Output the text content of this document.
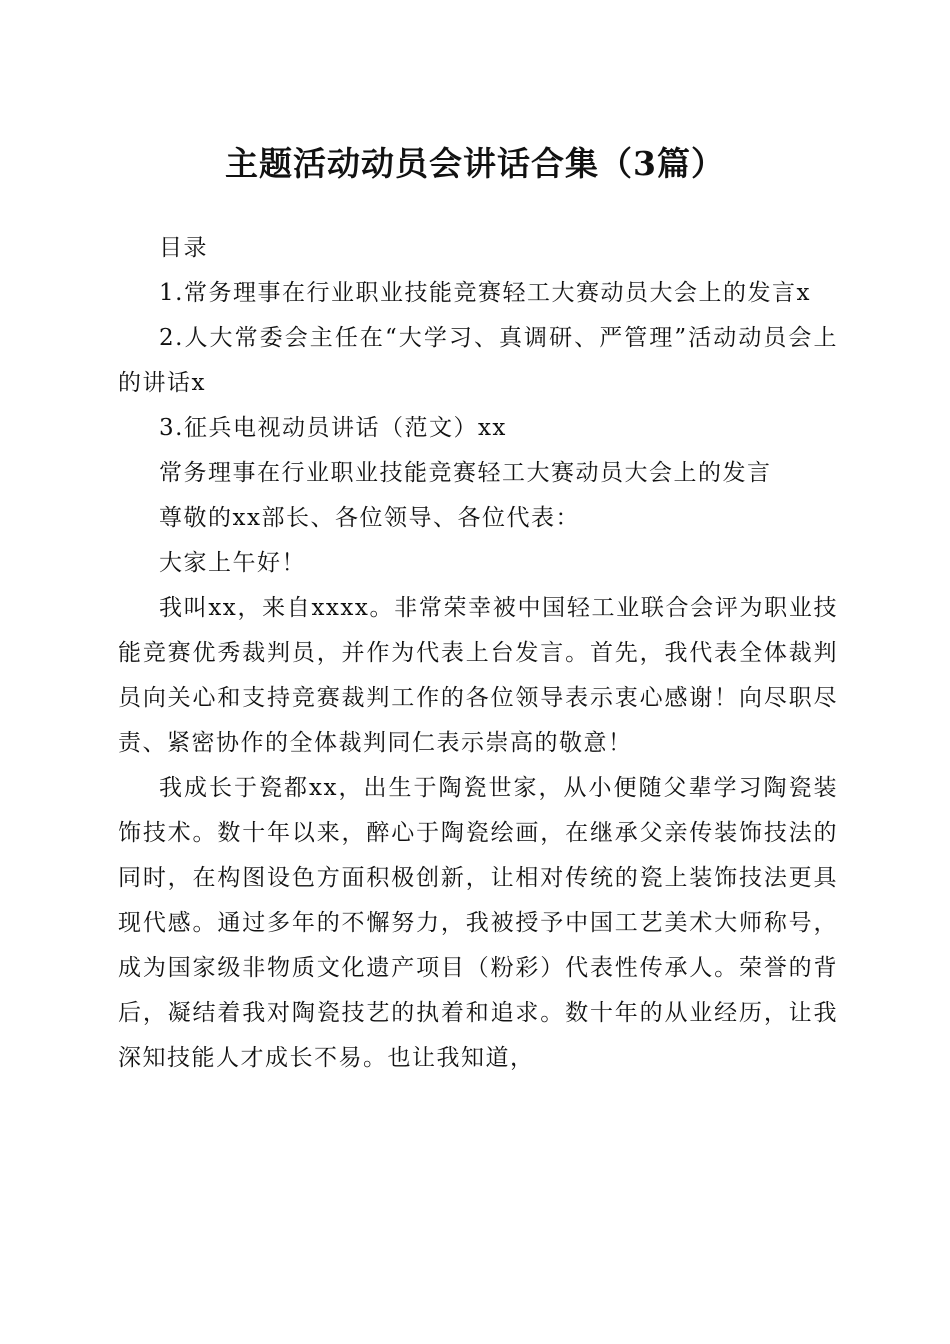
主题活动动员会讲话合集（3篇）

目录

1.常务理事在行业职业技能竞赛轻工大赛动员大会上的发言x

2.人大常委会主任在“大学习、真调研、严管理”活动动员会上的讲话x

3.征兵电视动员讲话（范文）xx

常务理事在行业职业技能竞赛轻工大赛动员大会上的发言

尊敬的xx部长、各位领导、各位代表：

大家上午好！

我叫xx，来自xxxx。非常荣幸被中国轻工业联合会评为职业技能竞赛优秀裁判员，并作为代表上台发言。首先，我代表全体裁判员向关心和支持竞赛裁判工作的各位领导表示衷心感谢！向尽职尽责、紧密协作的全体裁判同仁表示崇高的敬意！

我成长于瓷都xx，出生于陶瓷世家，从小便随父辈学习陶瓷装饰技术。数十年以来，醉心于陶瓷绘画，在继承父亲传装饰技法的同时，在构图设色方面积极创新，让相对传统的瓷上装饰技法更具现代感。通过多年的不懈努力，我被授予中国工艺美术大师称号，成为国家级非物质文化遗产项目（粉彩）代表性传承人。荣誉的背后，凝结着我对陶瓷技艺的执着和追求。数十年的从业经历，让我深知技能人才成长不易。也让我知道，
